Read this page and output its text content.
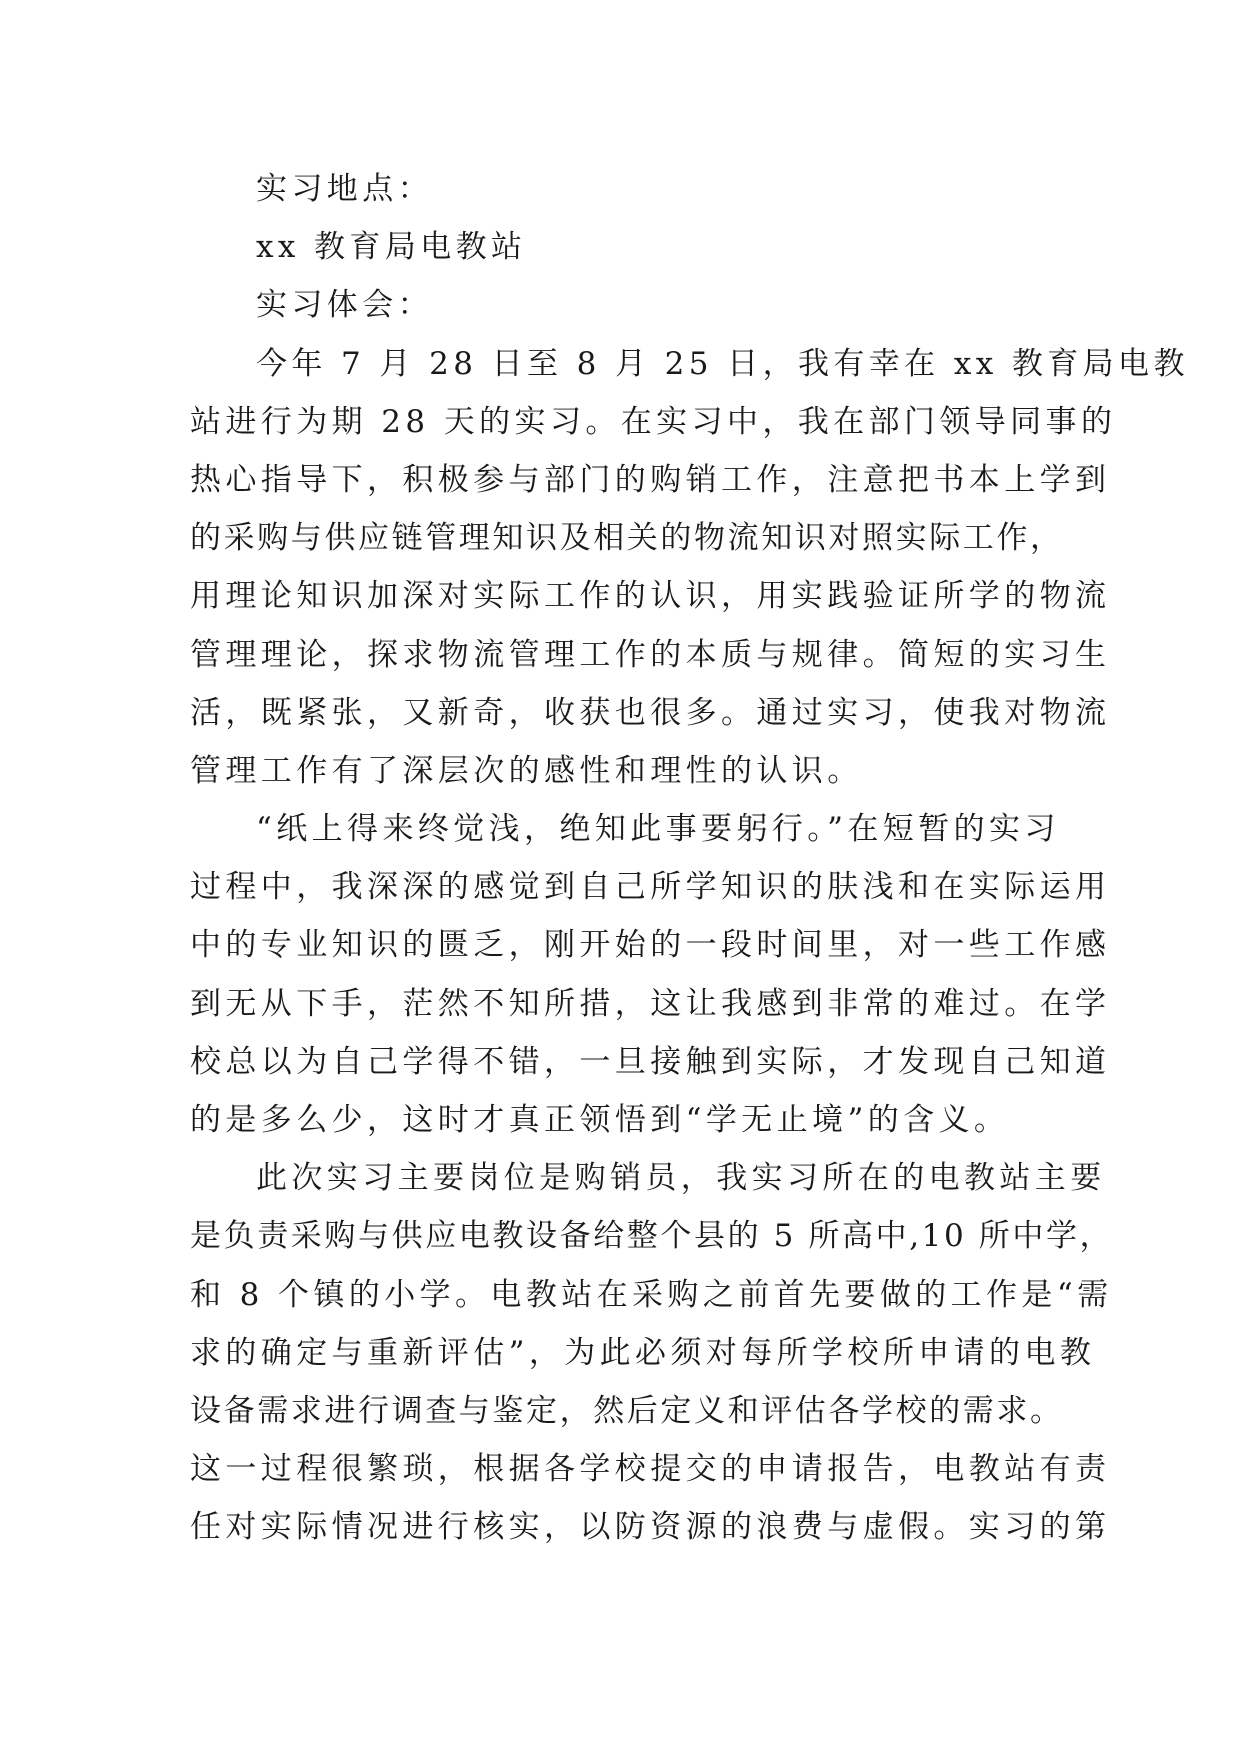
实习地点：
xx 教育局电教站
实习体会：
今年 7 月 28 日至 8 月 25 日，我有幸在 xx 教育局电教
站进行为期 28 天的实习。在实习中，我在部门领导同事的
热心指导下，积极参与部门的购销工作，注意把书本上学到
的采购与供应链管理知识及相关的物流知识对照实际工作，
用理论知识加深对实际工作的认识，用实践验证所学的物流
管理理论，探求物流管理工作的本质与规律。简短的实习生
活，既紧张，又新奇，收获也很多。通过实习，使我对物流
管理工作有了深层次的感性和理性的认识。
“纸上得来终觉浅，绝知此事要躬行。”在短暂的实习
过程中，我深深的感觉到自己所学知识的肤浅和在实际运用
中的专业知识的匮乏，刚开始的一段时间里，对一些工作感
到无从下手，茫然不知所措，这让我感到非常的难过。在学
校总以为自己学得不错，一旦接触到实际，才发现自己知道
的是多么少，这时才真正领悟到“学无止境”的含义。
此次实习主要岗位是购销员，我实习所在的电教站主要
是负责采购与供应电教设备给整个县的 5 所高中,10 所中学，
和 8 个镇的小学。电教站在采购之前首先要做的工作是“需
求的确定与重新评估”，为此必须对每所学校所申请的电教
设备需求进行调查与鉴定，然后定义和评估各学校的需求。
这一过程很繁琐，根据各学校提交的申请报告，电教站有责
任对实际情况进行核实，以防资源的浪费与虚假。实习的第
